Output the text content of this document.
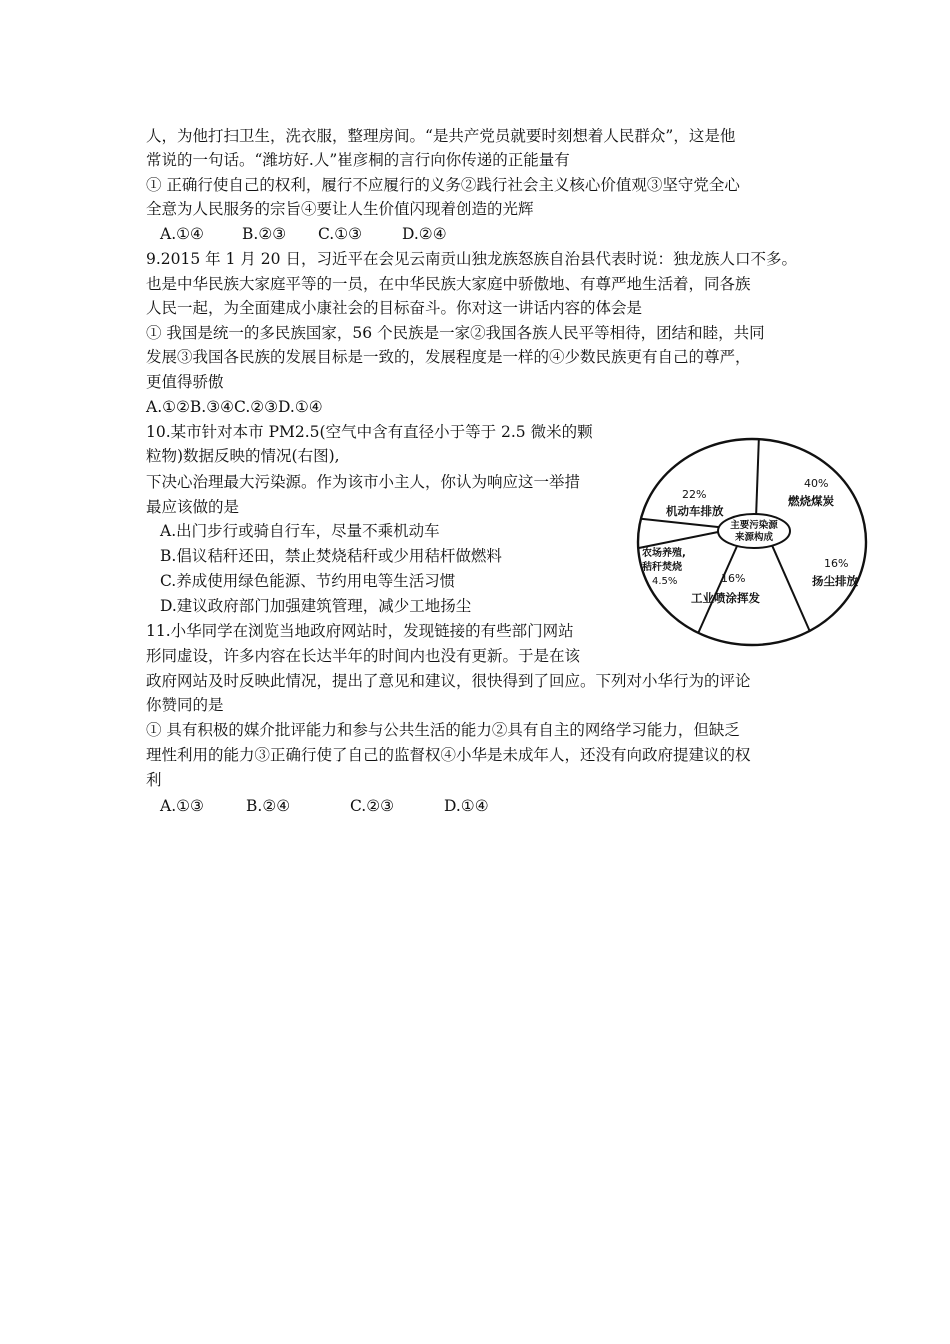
人，为他打扫卫生，洗衣服，整理房间。“是共产党员就要时刻想着人民群众”，这是他
常说的一句话。“潍坊好.人”崔彦桐的言行向你传递的正能量有
① 正确行使自己的权利，履行不应履行的义务②践行社会主义核心价值观③坚守党全心
全意为人民服务的宗旨④要让人生价值闪现着创造的光辉
A.①④ B.②③ C.①③	D.②④
9.2015 年 1 月 20 日，习近平在会见云南贡山独龙族怒族自治县代表时说：独龙族人口不多。
也是中华民族大家庭平等的一员，在中华民族大家庭中骄傲地、有尊严地生活着，同各族
人民一起，为全面建成小康社会的目标奋斗。你对这一讲话内容的体会是
① 我国是统一的多民族国家，56 个民族是一家②我国各族人民平等相待，团结和睦，共同
发展③我国各民族的发展目标是一致的，发展程度是一样的④少数民族更有自己的尊严，
更值得骄傲
A.①②B.③④C.②③D.①④
10.某市针对本市 PM2.5(空气中含有直径小于等于 2.5 微米的颗
粒物)数据反映的情况(右图),
下决心治理最大污染源。作为该市小主人，你认为响应这一举措
最应该做的是
A.出门步行或骑自行车，尽量不乘机动车
B.倡议秸秆还田，禁止焚烧秸秆或少用秸杆做燃料
C.养成使用绿色能源、节约用电等生活习惯
D.建议政府部门加强建筑管理，减少工地扬尘
11.小华同学在浏览当地政府网站时，发现链接的有些部门网站
形同虚设，许多内容在长达半年的时间内也没有更新。于是在该
政府网站及时反映此情况，提出了意见和建议，很快得到了回应。下列对小华行为的评论
你赞同的是
① 具有积极的媒介批评能力和参与公共生活的能力②具有自主的网络学习能力，但缺乏
理性利用的能力③正确行使了自己的监督权④小华是未成年人，还没有向政府提建议的权
利
A.①③	B.②④	C.②③	D.①④
主要污染源
来源构成
40%
燃烧煤炭
16%
扬尘排放
16%
工业喷涂挥发
农场养殖,
秸秆焚烧
4.5%
22%
机动车排放
